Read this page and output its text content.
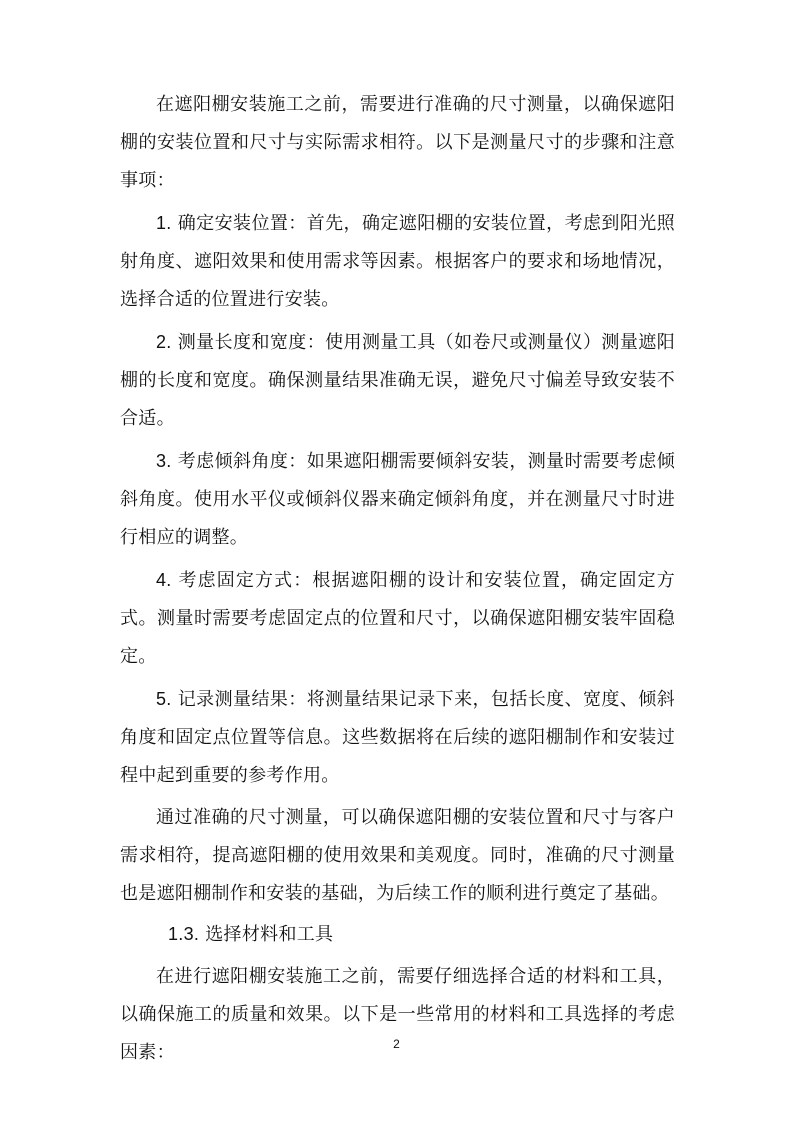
在遮阳棚安装施工之前，需要进行准确的尺寸测量，以确保遮阳棚的安装位置和尺寸与实际需求相符。以下是测量尺寸的步骤和注意事项：

1. 确定安装位置：首先，确定遮阳棚的安装位置，考虑到阳光照射角度、遮阳效果和使用需求等因素。根据客户的要求和场地情况，选择合适的位置进行安装。

2. 测量长度和宽度：使用测量工具（如卷尺或测量仪）测量遮阳棚的长度和宽度。确保测量结果准确无误，避免尺寸偏差导致安装不合适。

3. 考虑倾斜角度：如果遮阳棚需要倾斜安装，测量时需要考虑倾斜角度。使用水平仪或倾斜仪器来确定倾斜角度，并在测量尺寸时进行相应的调整。

4. 考虑固定方式：根据遮阳棚的设计和安装位置，确定固定方式。测量时需要考虑固定点的位置和尺寸，以确保遮阳棚安装牢固稳定。

5. 记录测量结果：将测量结果记录下来，包括长度、宽度、倾斜角度和固定点位置等信息。这些数据将在后续的遮阳棚制作和安装过程中起到重要的参考作用。

通过准确的尺寸测量，可以确保遮阳棚的安装位置和尺寸与客户需求相符，提高遮阳棚的使用效果和美观度。同时，准确的尺寸测量也是遮阳棚制作和安装的基础，为后续工作的顺利进行奠定了基础。

1.3. 选择材料和工具

在进行遮阳棚安装施工之前，需要仔细选择合适的材料和工具，以确保施工的质量和效果。以下是一些常用的材料和工具选择的考虑因素：	2
